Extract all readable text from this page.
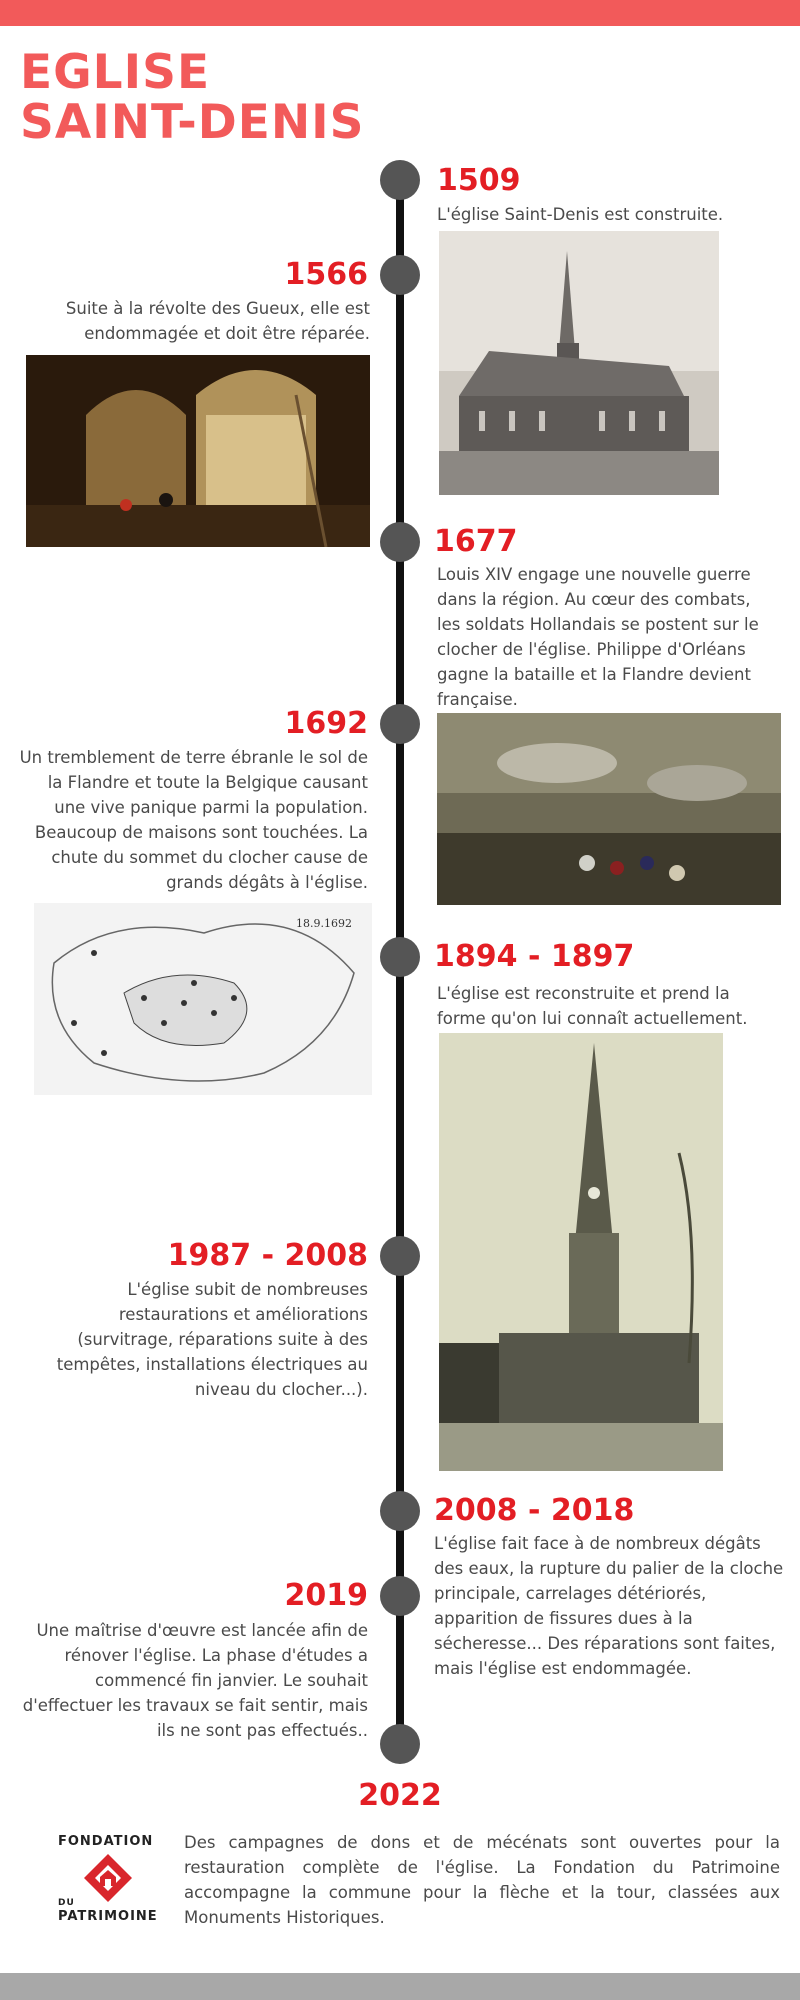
EGLISE
SAINT-DENIS
1509
L'église Saint-Denis est construite.
1566
Suite à la révolte des Gueux, elle est endommagée et doit être réparée.
1677
Louis XIV engage une nouvelle guerre dans la région. Au cœur des combats, les soldats Hollandais se postent sur le clocher de l'église. Philippe d'Orléans gagne la bataille et la Flandre devient française.
1692
Un tremblement de terre ébranle le sol de la Flandre et toute la Belgique causant une vive panique parmi la population. Beaucoup de maisons sont touchées. La chute du sommet du clocher cause de grands dégâts à l'église.
18.9.1692
1894 - 1897
L'église est reconstruite et prend la forme qu'on lui connaît actuellement.
1987 - 2008
L'église subit de nombreuses restaurations et améliorations (survitrage, réparations suite à des tempêtes, installations électriques au niveau du clocher...).
2008 - 2018
L'église fait face à de nombreux dégâts des eaux, la rupture du palier de la cloche principale, carrelages détériorés, apparition de fissures dues à la sécheresse... Des réparations sont faites, mais l'église est endommagée.
2019
Une maîtrise d'œuvre est lancée afin de rénover l'église. La phase d'études a commencé fin janvier. Le souhait d'effectuer les travaux se fait sentir, mais ils ne sont pas effectués..
2022
FONDATION
DU
PATRIMOINE
Des campagnes de dons et de mécénats sont ouvertes pour la restauration complète de l'église. La Fondation du Patrimoine accompagne la commune pour la flèche et la tour, classées aux Monuments Historiques.
